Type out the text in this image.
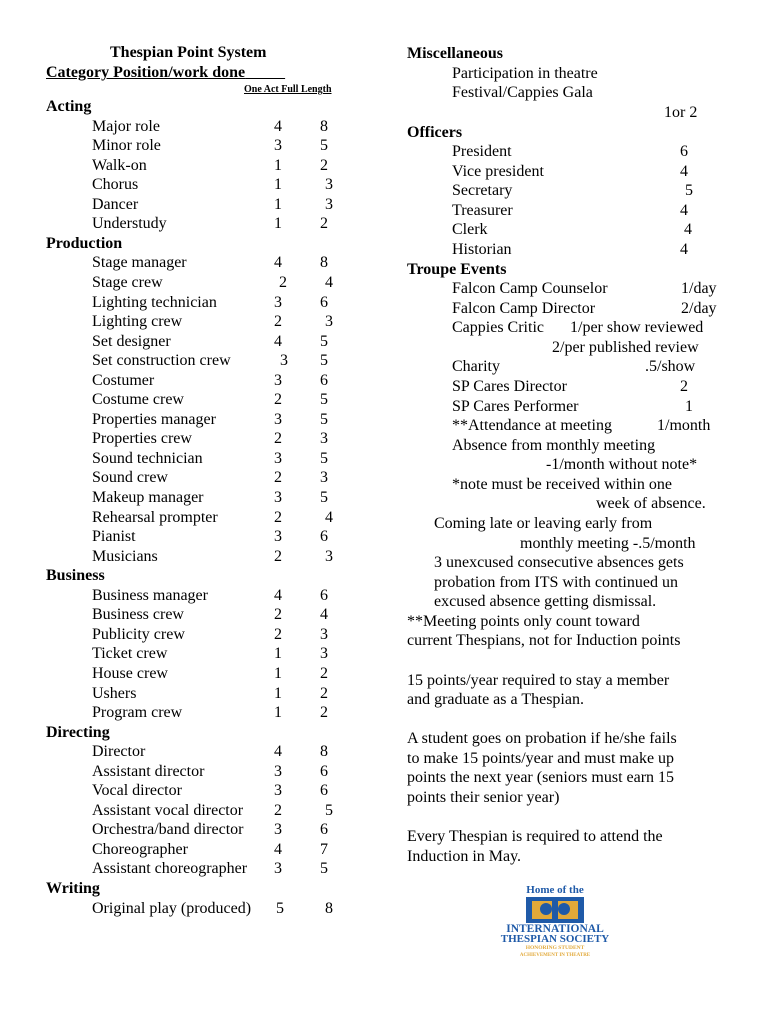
Thespian Point System
Category Position/work done
One Act Full Length
Acting
Major role	4 8
Minor role	3 5
Walk-on	1 2
Chorus	1	3
Dancer	1	3
Understudy	1 2
Production
Stage manager	4 8
Stage crew	2 4
Lighting technician	3 6
Lighting crew	2	3
Set designer	4 5
Set construction crew	3 5
Costumer	3 6
Costume crew	2 5
Properties manager	3 5
Properties crew	2 3
Sound technician	3 5
Sound crew	2 3
Makeup manager	3 5
Rehearsal prompter	2	4
Pianist	3 6
Musicians	2	3
Business
Business manager	4 6
Business crew	2 4
Publicity crew	2 3
Ticket crew	1 3
House crew	1 2
Ushers	1 2
Program crew	1 2
Directing
Director	4 8
Assistant director	3 6
Vocal director	3 6
Assistant vocal director 2	5
Orchestra/band director 3 6
Choreographer	4 7
Assistant choreographer 3 5
Writing
Original play (produced) 5	8
Miscellaneous
Participation in theatre
Festival/Cappies Gala
1or 2
Officers
President	6
Vice president	4
Secretary	5
Treasurer	4
Clerk	4
Historian	4
Troupe Events
Falcon Camp Counselor	1/day
Falcon Camp Director	2/day
Cappies Critic 1/per show reviewed
2/per published review
Charity	.5/show
SP Cares Director	2
SP Cares Performer	1
**Attendance at meeting	1/month
Absence from monthly meeting
-1/month without note*
*note must be received within one
week of absence.
Coming late or leaving early from
monthly meeting -.5/month
3 unexcused consecutive absences gets
probation from ITS with continued un
excused absence getting dismissal.
**Meeting points only count toward
current Thespians, not for Induction points
15 points/year required to stay a member
and graduate as a Thespian.
A student goes on probation if he/she fails
to make 15 points/year and must make up
points the next year (seniors must earn 15
points their senior year)
Every Thespian is required to attend the
Induction in May.
Home of the
INTERNATIONAL
THESPIAN SOCIETY
HONORING STUDENT
ACHIEVEMENT IN THEATRE
